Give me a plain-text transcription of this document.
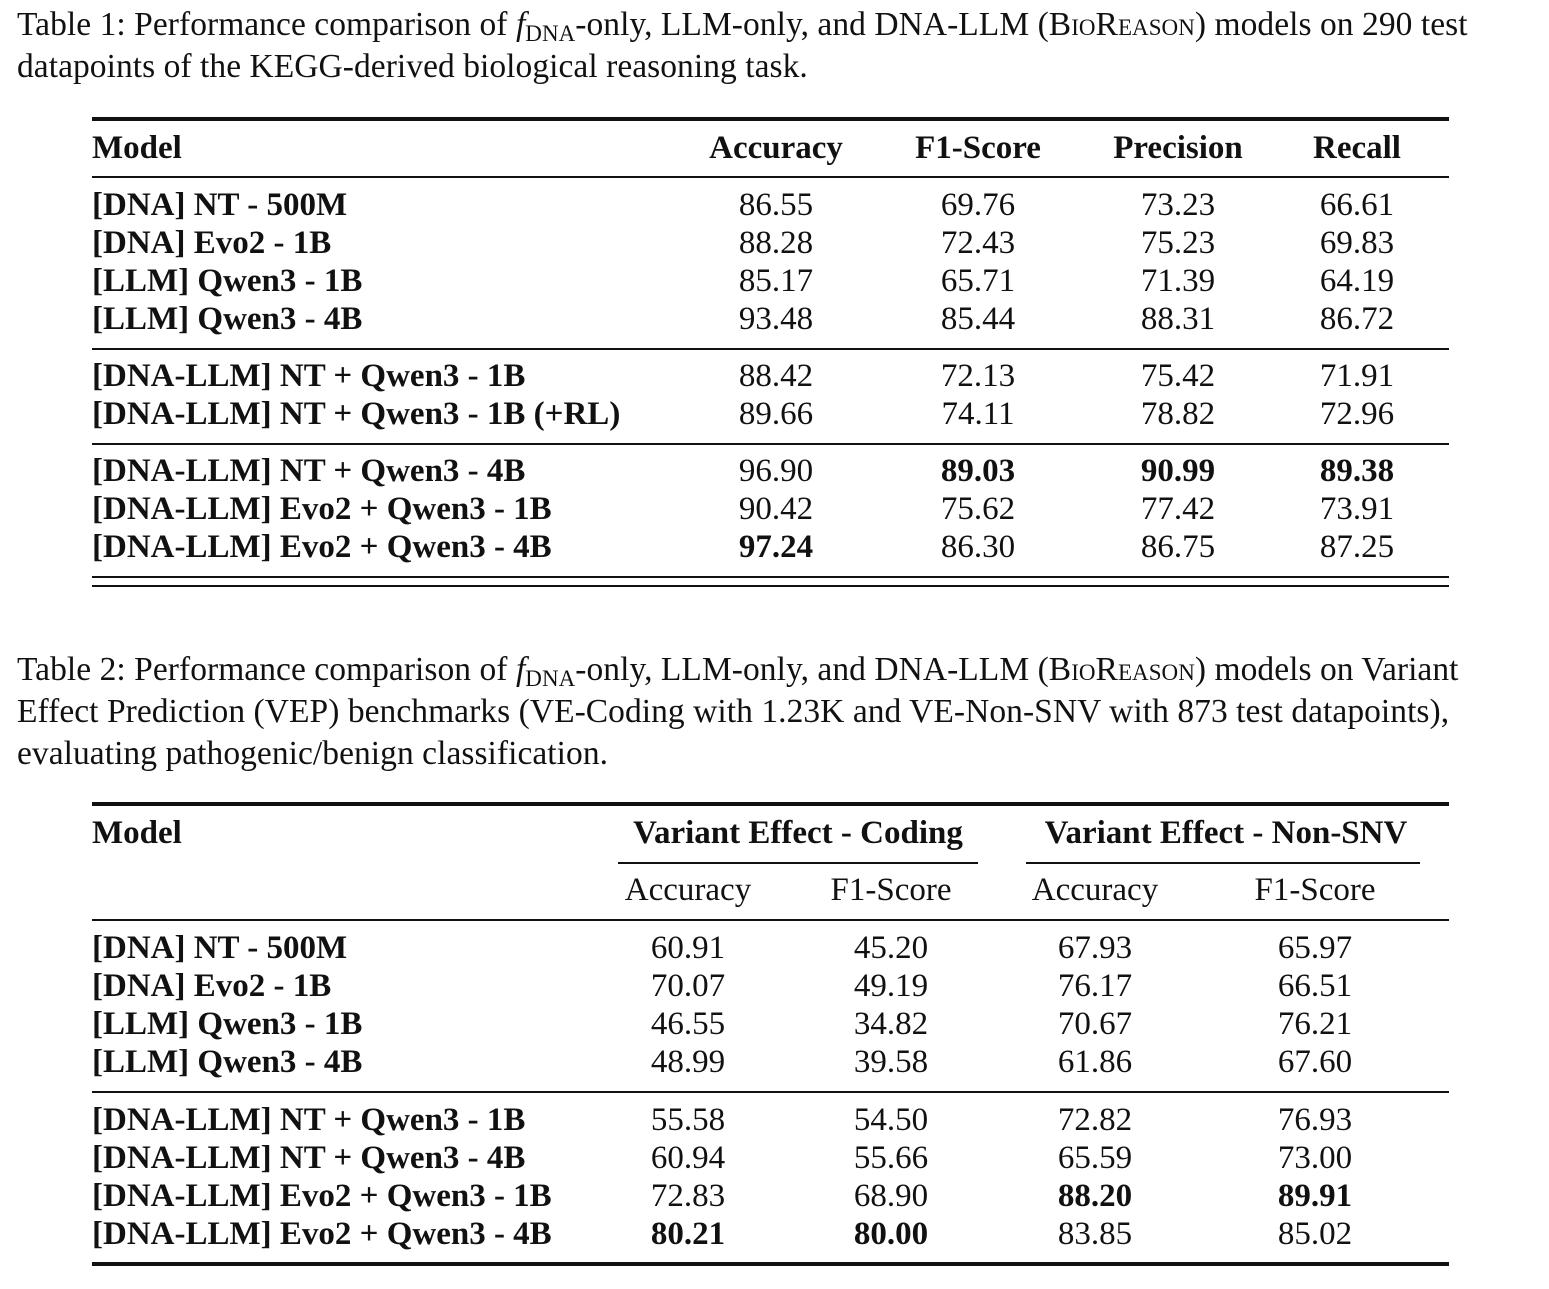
Table 1: Performance comparison of $f_{DNA}$-only, LLM-only, and DNA-LLM (BioReason) models on 290 test datapoints of the KEGG-derived biological reasoning task.
Model	Accuracy	F1-Score	Precision	Recall
[DNA] NT - 500M	86.55	69.76	73.23	66.61
[DNA] Evo2 - 1B	88.28	72.43	75.23	69.83
[LLM] Qwen3 - 1B	85.17	65.71	71.39	64.19
[LLM] Qwen3 - 4B	93.48	85.44	88.31	86.72
[DNA-LLM] NT + Qwen3 - 1B	88.42	72.13	75.42	71.91
[DNA-LLM] NT + Qwen3 - 1B (+RL)	89.66	74.11	78.82	72.96
[DNA-LLM] NT + Qwen3 - 4B	96.90	89.03	90.99	89.38
[DNA-LLM] Evo2 + Qwen3 - 1B	90.42	75.62	77.42	73.91
[DNA-LLM] Evo2 + Qwen3 - 4B	97.24	86.30	86.75	87.25
Table 2: Performance comparison of $f_{DNA}$-only, LLM-only, and DNA-LLM (BioReason) models on Variant Effect Prediction (VEP) benchmarks (VE-Coding with 1.23K and VE-Non-SNV with 873 test datapoints), evaluating pathogenic/benign classification.
Model	Variant Effect - Coding	Variant Effect - Non-SNV
Accuracy	F1-Score	Accuracy	F1-Score
[DNA] NT - 500M	60.91	45.20	67.93	65.97
[DNA] Evo2 - 1B	70.07	49.19	76.17	66.51
[LLM] Qwen3 - 1B	46.55	34.82	70.67	76.21
[LLM] Qwen3 - 4B	48.99	39.58	61.86	67.60
[DNA-LLM] NT + Qwen3 - 1B	55.58	54.50	72.82	76.93
[DNA-LLM] NT + Qwen3 - 4B	60.94	55.66	65.59	73.00
[DNA-LLM] Evo2 + Qwen3 - 1B	72.83	68.90	88.20	89.91
[DNA-LLM] Evo2 + Qwen3 - 4B	80.21	80.00	83.85	85.02
